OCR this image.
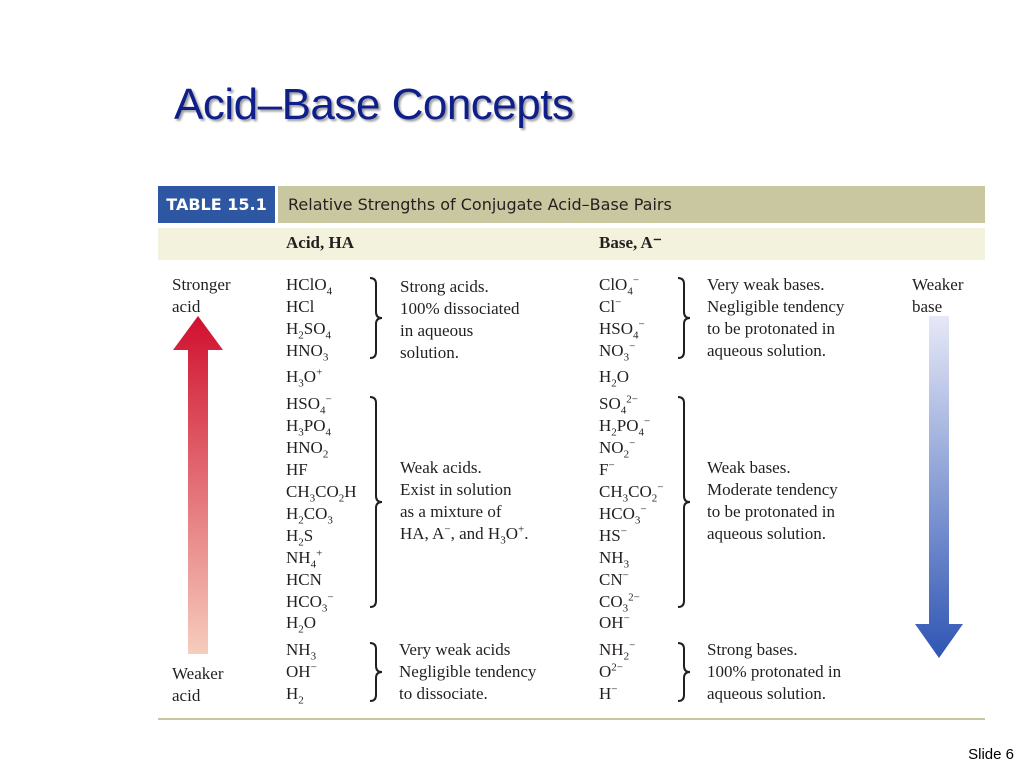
Acid–Base Concepts
TABLE 15.1	Relative Strengths of Conjugate Acid–Base Pairs
Acid, HA	Base, A⁻
Stronger acid
Weaker acid
Weaker base
HClO$_4$
HCl
$H_2SO_4$
$HNO_3$
$H_3O^+$
$HSO_4^-$
$H_3PO_4$
$HNO_2$
HF
$CH_3CO_2H$
$H_2CO_3$
$H_2S$
$NH_4^+$
HCN
$HCO_3^-$
$H_2O$
$NH_3$
OH−
$H_2$
ClO$_4$−
Cl−
$HSO_4^-$
$NO_3^-$
$H_2O$
$SO_4^{2-}$
$H_2PO_4^-$
$NO_2^-$
F−
$CH_3CO_2^-$
$HCO_3^-$
HS−
$NH_3$
CN−
$CO_3^{2-}$
OH−
$NH_2^-$
$O^{2-}$
H−
Strong acids.
100% dissociated
in aqueous
solution.
Weak acids.
Exist in solution
as a mixture of
HA, A−, and $H_3O^+$.
Very weak acids
Negligible tendency
to dissociate.
Very weak bases.
Negligible tendency
to be protonated in
aqueous solution.
Weak bases.
Moderate tendency
to be protonated in
aqueous solution.
Strong bases.
100% protonated in
aqueous solution.
Slide 6
